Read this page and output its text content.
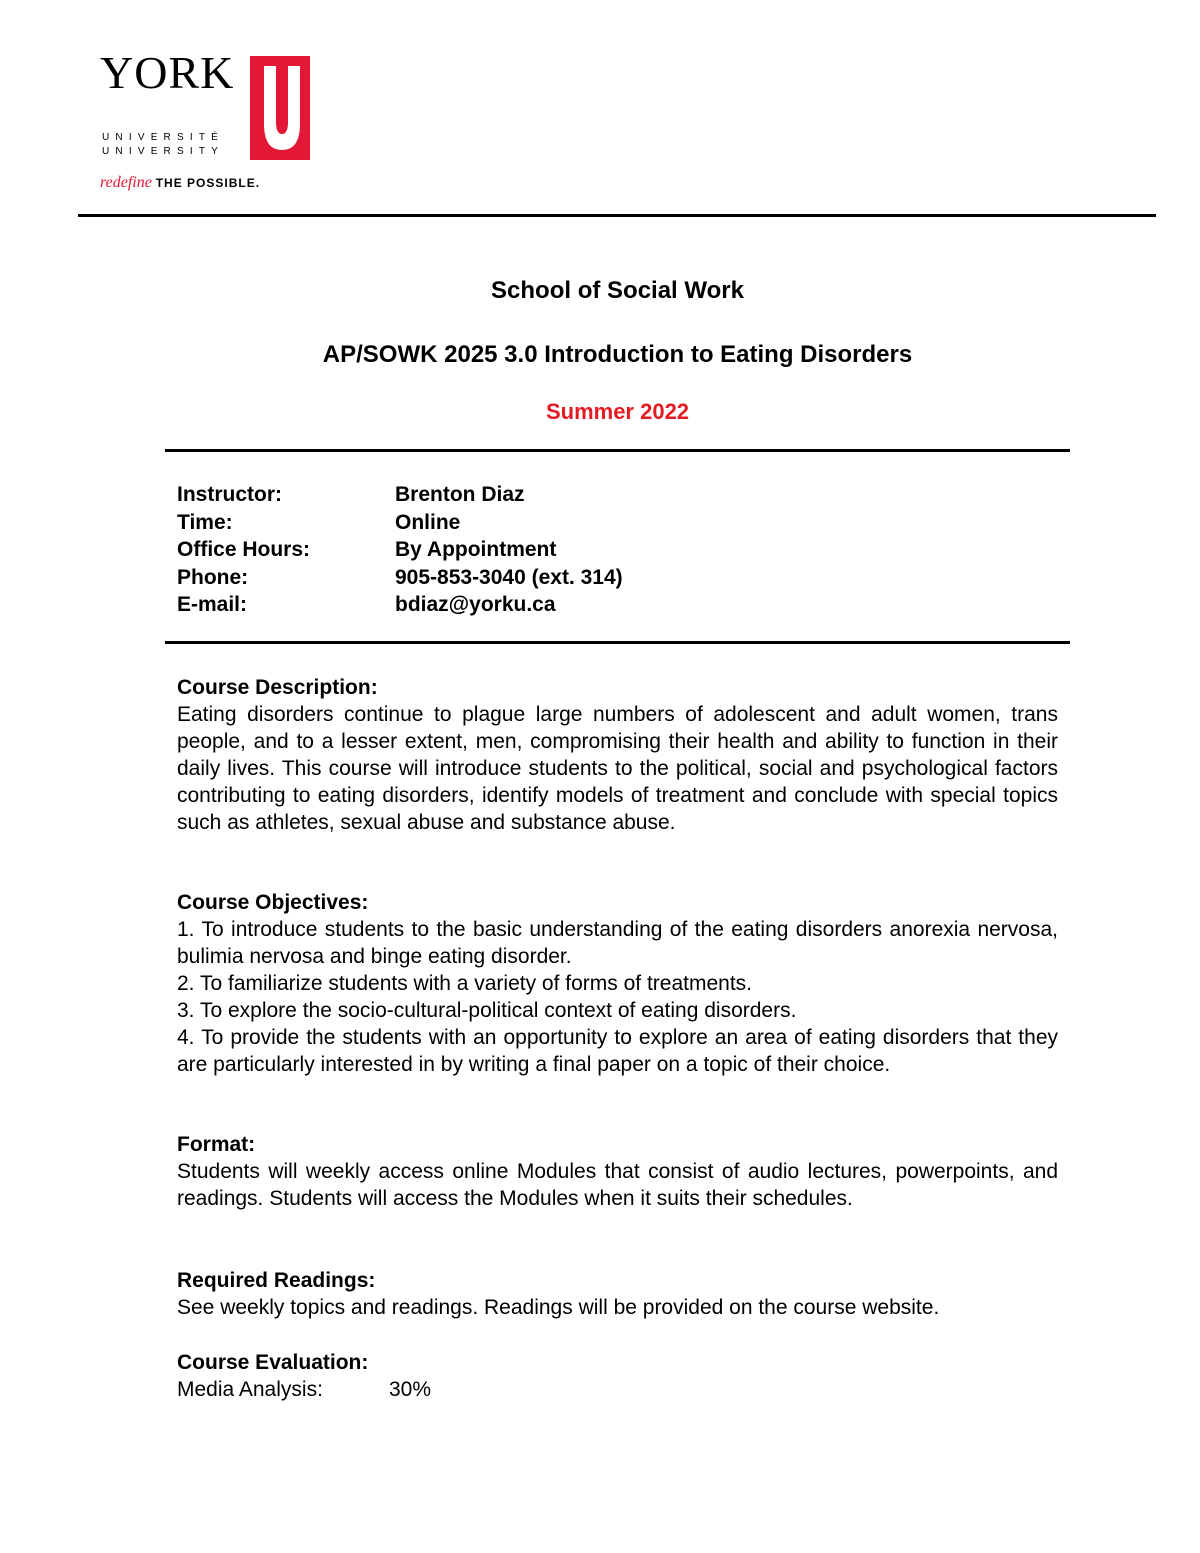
YORK
UNIVERSITÉ
UNIVERSITY
redefine THE POSSIBLE.
School of Social Work
AP/SOWK 2025 3.0 Introduction to Eating Disorders
Summer 2022
Instructor:	Brenton Diaz
Time:	Online
Office Hours:	By Appointment
Phone:	905-853-3040 (ext. 314)
E-mail:	bdiaz@yorku.ca
Course Description:
Eating disorders continue to plague large numbers of adolescent and adult women, trans people, and to a lesser extent, men, compromising their health and ability to function in their daily lives. This course will introduce students to the political, social and psychological factors contributing to eating disorders, identify models of treatment and conclude with special topics such as athletes, sexual abuse and substance abuse.
Course Objectives:
1. To introduce students to the basic understanding of the eating disorders anorexia nervosa, bulimia nervosa and binge eating disorder.
2. To familiarize students with a variety of forms of treatments.
3. To explore the socio-cultural-political context of eating disorders.
4. To provide the students with an opportunity to explore an area of eating disorders that they are particularly interested in by writing a final paper on a topic of their choice.
Format:
Students will weekly access online Modules that consist of audio lectures, powerpoints, and readings. Students will access the Modules when it suits their schedules.
Required Readings:
See weekly topics and readings. Readings will be provided on the course website.
Course Evaluation:
Media Analysis:	30%
